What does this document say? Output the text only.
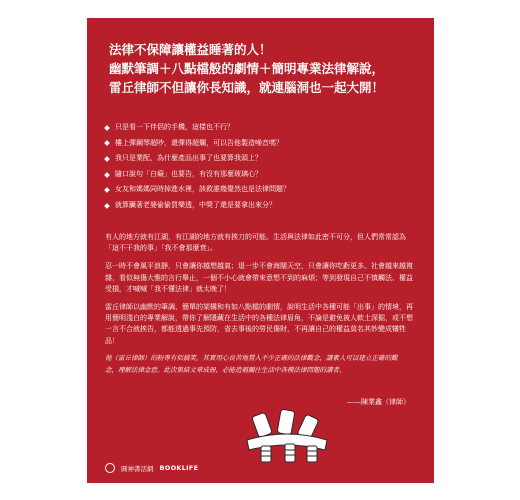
法律不保障讓權益睡著的人！
幽默筆調＋八點檔般的劇情＋簡明專業法律解說，
雷丘律師不但讓你長知識，就連腦洞也一起大開！
只是看一下伴侶的手機，這樣也不行？
樓上彈鋼琴超吵，還彈得超爛，可以告他製造噪音嗎？
我只是業配，為什麼產品出事了也要算我頭上？
隨口說句「白癡」也要告，有沒有那麼玻璃心？
女友和媽媽同時掉進水裡，該救誰幾覺然也是法律問題？
就算臟著老婆偷偷買樂透，中獎了還是要拿出來分？

有人的地方就有江湖，有江湖的地方就有挨刀的可能。生活與法律如此密不可分，但人們常常認為「這不干我的事」「我不會那麼衰」。

忍一時不會風平浪靜，只會讓你越想越氣；退一步不會海闊天空，只會讓你吃虧更多。社會越來越複雜，看似無傷大雅的言行舉止，一個不小心就會帶來意想不到的麻煩；等到發現自己不慎觸法、權益受損，才喊喊「我不懂法律」就太晚了！

雷丘律師以幽默的筆調、簡單的架構和有如八點檔的劇情，說明生活中各種可能「出事」的情境，再用簡明淺白的專業解說，帶你了解隱藏在生活中的各種法律眉角，不論是避免被人軟土深掘，或不想一言不合就挨告，都能透過事先預防，省去事後的勞民傷財，不再讓自己的權益莫名其妙變成犧牲品！

他（雷丘律師）的粉專有似搞笑，其實用心良苦地置入不少正確的法律觀念，讓素人可以建立正確的觀念，理解法律念意。此次集結文章成冊，必能造福關注生活中各種法律問題的讀者。

——陳業鑫（律師）
圓神書活網 BOOKLIFE
